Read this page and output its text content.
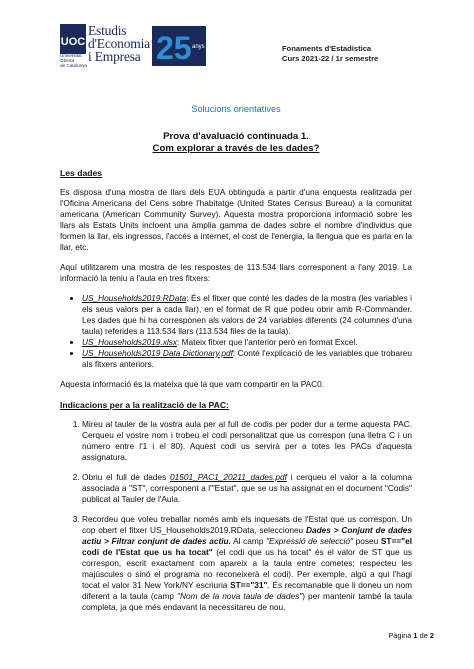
UOC
Universitat
Oberta
de Catalunya
Estudis
d'Economia
i Empresa 25 anys	Fonaments d'Estadística
Curs 2021-22 / 1r semestre
Solucions orientatives
Prova d'avaluació continuada 1.
Com explorar a través de les dades?
Les dades

Es disposa d'una mostra de llars dels EUA obtinguda a partir d'una enquesta realitzada per l'Oficina Americana del Cens sobre l'habitatge (United States Census Bureau) a la comunitat americana (American Community Survey). Aquesta mostra proporciona informació sobre les llars als Estats Units incloent una àmplia gamma de dades sobre el nombre d'individus que formen la llar, els ingressos, l'accés a internet, el cost de l'energia, la llengua que es parla en la llar, etc.

Aquí utilitzarem una mostra de les respostes de 113.534 llars corresponent a l'any 2019. La informació la teniu a l'aula en tres fitxers:

• US_Households2019.RData: És el fitxer que conté les dades de la mostra (les variables i els seus valors per a cada llar), en el format de R que podeu obrir amb R-Commander. Les dades que hi ha corresponen als valors de 24 variables diferents (24 columnes d'una taula) referides a 113.534 llars (113.534 files de la taula).
• US_Households2019.xlsx: Mateix fitxer que l'anterior però en format Excel.
• US_Households2019 Data Dictionary.pdf: Conté l'explicació de les variables que trobareu als fitxers anteriors.

Aquesta informació és la mateixa que la que vam compartir en la PAC0.

Indicacions per a la realització de la PAC:
1. Mireu al tauler de la vostra aula per al full de codis per poder dur a terme aquesta PAC. Cerqueu el vostre nom i trobeu el codi personalitzat que us correspon (una lletra C i un número entre l'1 i el 80). Aquest codi us servirà per a totes les PACs d'aquesta assignatura.
2. Obriu el full de dades 01501_PAC1_20211_dades.pdf i cerqueu el valor a la columna associada a "ST", corresponent a l'"Estat", que se us ha assignat en el document "Codis" publicat al Tauler de l'Aula.
3. Recordeu que voleu treballar només amb els inquesats de l'Estat que us correspon. Un cop obert el fitxer US_Households2019.RData, seleccioneu Dades > Conjunt de dades actiu > Filtrar conjunt de dades actiu. Al camp "Expressió de selecció" poseu ST=="el codi de l'Estat que us ha tocat" (el codi que us ha tocat" és el valor de ST que us correspon, escrit exactament com apareix a la taula entre cometes; respecteu les majúscules o sinó el programa no reconeixerà el codi). Per exemple, algú a qui l'hagi tocat el valor 31 New York/NY escriuria ST=="31". És recomanable que li doneu un nom diferent a la taula (camp "Nom de la nova taula de dades") per mantenir també la taula completa, ja que més endavant la necessitareu de nou.
Pàgina 1 de 2
